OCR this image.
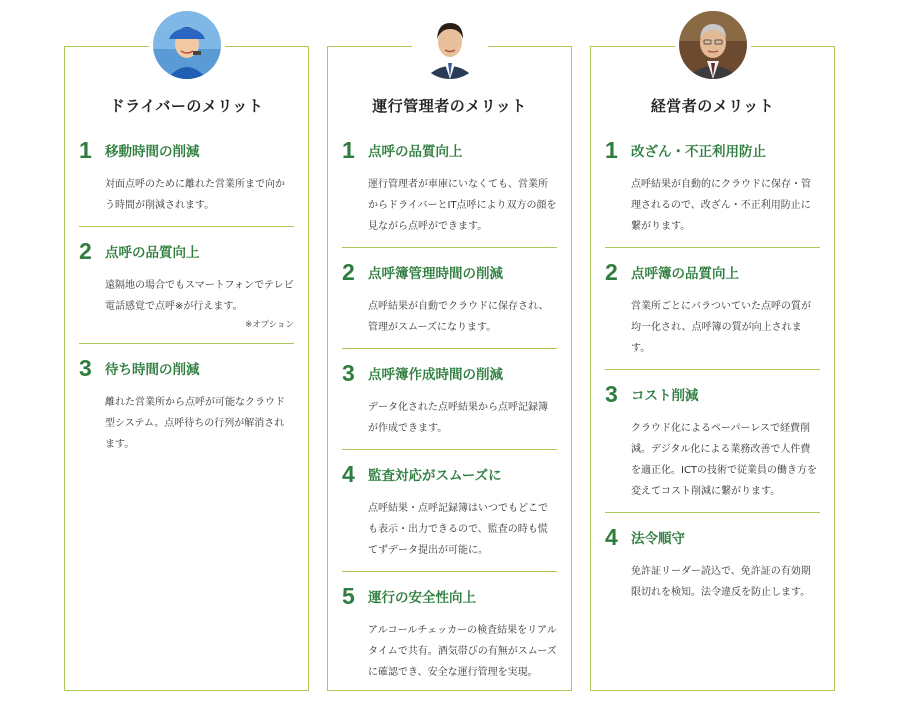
ドライバーのメリット
1 移動時間の削減
対面点呼のために離れた営業所まで向かう時間が削減されます。
2 点呼の品質向上
遠隔地の場合でもスマートフォンでテレビ電話感覚で点呼※が行えます。
※オプション
3 待ち時間の削減
離れた営業所から点呼が可能なクラウド型システム。点呼待ちの行列が解消されます。
運行管理者のメリット
1 点呼の品質向上
運行管理者が車庫にいなくても、営業所からドライバーとIT点呼により双方の顔を見ながら点呼ができます。
2 点呼簿管理時間の削減
点呼結果が自動でクラウドに保存され、管理がスムーズになります。
3 点呼簿作成時間の削減
データ化された点呼結果から点呼記録簿が作成できます。
4 監査対応がスムーズに
点呼結果・点呼記録簿はいつでもどこでも表示・出力できるので、監査の時も慌てずデータ提出が可能に。
5 運行の安全性向上
アルコールチェッカーの検査結果をリアルタイムで共有。酒気帯びの有無がスムーズに確認でき、安全な運行管理を実現。
経営者のメリット
1 改ざん・不正利用防止
点呼結果が自動的にクラウドに保存・管理されるので、改ざん・不正利用防止に繋がります。
2 点呼簿の品質向上
営業所ごとにバラついていた点呼の質が均一化され、点呼簿の質が向上されます。
3 コスト削減
クラウド化によるペーパーレスで経費削減。デジタル化による業務改善で人件費を適正化。ICTの技術で従業員の働き方を変えてコスト削減に繋がります。
4 法令順守
免許証リーダー読込で、免許証の有効期限切れを検知。法令違反を防止します。
